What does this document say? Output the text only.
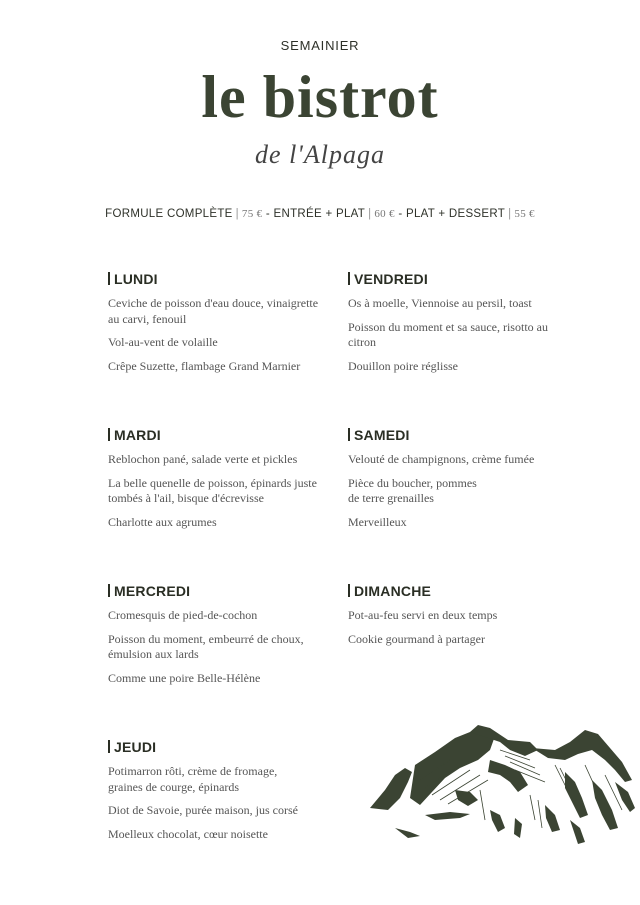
SEMAINIER
le bistrot
de l'Alpaga
FORMULE COMPLÈTE | 75 € - ENTRÉE + PLAT | 60 € - PLAT + DESSERT | 55 €
LUNDI

Ceviche de poisson d'eau douce, vinaigrette au carvi, fenouil

Vol-au-vent de volaille

Crêpe Suzette, flambage Grand Marnier

VENDREDI

Os à moelle, Viennoise au persil, toast

Poisson du moment et sa sauce, risotto au citron

Douillon poire réglisse

MARDI

Reblochon pané, salade verte et pickles

La belle quenelle de poisson, épinards juste tombés à l'ail, bisque d'écrevisse

Charlotte aux agrumes

SAMEDI

Velouté de champignons, crème fumée

Pièce du boucher, pommes de terre grenailles

Merveilleux

MERCREDI

Cromesquis de pied-de-cochon

Poisson du moment, embeurré de choux, émulsion aux lards

Comme une poire Belle-Hélène

DIMANCHE

Pot-au-feu servi en deux temps

Cookie gourmand à partager

JEUDI

Potimarron rôti, crème de fromage, graines de courge, épinards

Diot de Savoie, purée maison, jus corsé

Moelleux chocolat, cœur noisette
